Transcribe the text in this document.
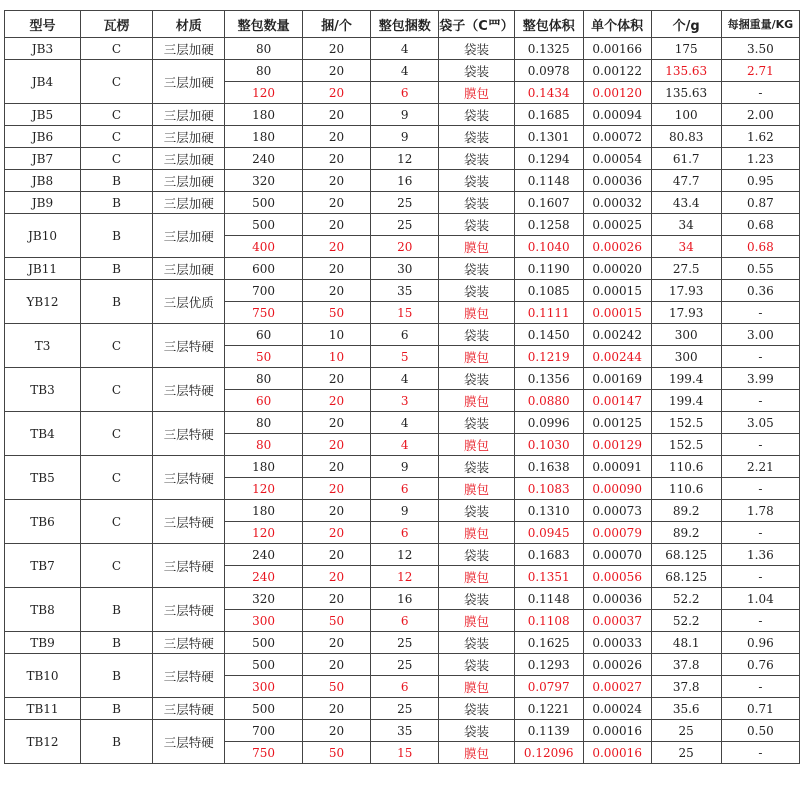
型号	瓦楞	材质	整包数量	捆/个	整包捆数	袋子（C罒）	整包体积	单个体积	个/g	每捆重量/KG
JB3	C	三层加硬	80	20	4	袋装	0.1325	0.00166	175	3.50
JB4	C	三层加硬	80	20	4	袋装	0.0978	0.00122	135.63	2.71
			120	20	6	膜包	0.1434	0.00120	135.63	-
JB5	C	三层加硬	180	20	9	袋装	0.1685	0.00094	100	2.00
JB6	C	三层加硬	180	20	9	袋装	0.1301	0.00072	80.83	1.62
JB7	C	三层加硬	240	20	12	袋装	0.1294	0.00054	61.7	1.23
JB8	B	三层加硬	320	20	16	袋装	0.1148	0.00036	47.7	0.95
JB9	B	三层加硬	500	20	25	袋装	0.1607	0.00032	43.4	0.87
JB10	B	三层加硬	500	20	25	袋装	0.1258	0.00025	34	0.68
			400	20	20	膜包	0.1040	0.00026	34	0.68
JB11	B	三层加硬	600	20	30	袋装	0.1190	0.00020	27.5	0.55
YB12	B	三层优质	700	20	35	袋装	0.1085	0.00015	17.93	0.36
			750	50	15	膜包	0.1111	0.00015	17.93	-
T3	C	三层特硬	60	10	6	袋装	0.1450	0.00242	300	3.00
			50	10	5	膜包	0.1219	0.00244	300	-
TB3	C	三层特硬	80	20	4	袋装	0.1356	0.00169	199.4	3.99
			60	20	3	膜包	0.0880	0.00147	199.4	-
TB4	C	三层特硬	80	20	4	袋装	0.0996	0.00125	152.5	3.05
			80	20	4	膜包	0.1030	0.00129	152.5	-
TB5	C	三层特硬	180	20	9	袋装	0.1638	0.00091	110.6	2.21
			120	20	6	膜包	0.1083	0.00090	110.6	-
TB6	C	三层特硬	180	20	9	袋装	0.1310	0.00073	89.2	1.78
			120	20	6	膜包	0.0945	0.00079	89.2	-
TB7	C	三层特硬	240	20	12	袋装	0.1683	0.00070	68.125	1.36
			240	20	12	膜包	0.1351	0.00056	68.125	-
TB8	B	三层特硬	320	20	16	袋装	0.1148	0.00036	52.2	1.04
			300	50	6	膜包	0.1108	0.00037	52.2	-
TB9	B	三层特硬	500	20	25	袋装	0.1625	0.00033	48.1	0.96
TB10	B	三层特硬	500	20	25	袋装	0.1293	0.00026	37.8	0.76
			300	50	6	膜包	0.0797	0.00027	37.8	-
TB11	B	三层特硬	500	20	25	袋装	0.1221	0.00024	35.6	0.71
TB12	B	三层特硬	700	20	35	袋装	0.1139	0.00016	25	0.50
			750	50	15	膜包	0.12096	0.00016	25	-
